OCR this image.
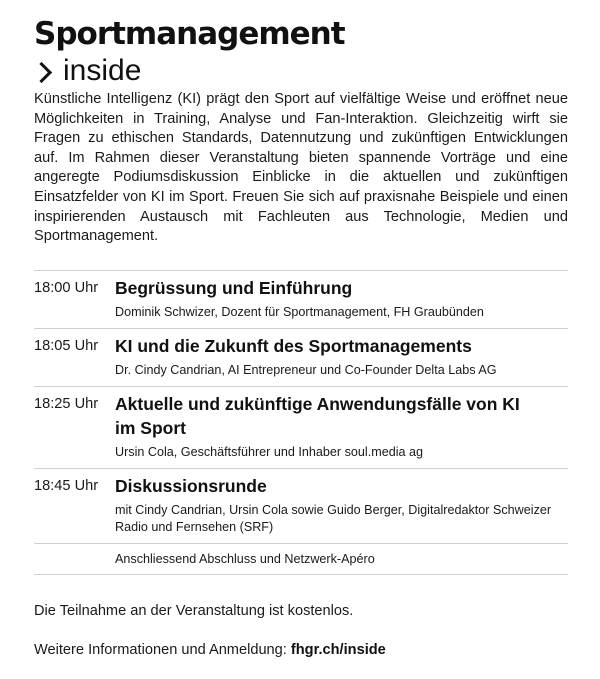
Sportmanagement
inside

Künstliche Intelligenz (KI) prägt den Sport auf vielfältige Weise und eröffnet neue Möglichkeiten in Training, Analyse und Fan-Interaktion. Gleichzeitig wirft sie Fragen zu ethischen Standards, Datennutzung und zukünftigen Entwicklungen auf. Im Rahmen dieser Veranstaltung bieten spannende Vorträge und eine angeregte Podiumsdiskussion Einblicke in die aktuellen und zukünftigen Einsatzfelder von KI im Sport. Freuen Sie sich auf praxisnahe Beispiele und einen inspirierenden Austausch mit Fachleuten aus Technologie, Medien und Sportmanagement.

18:00 Uhr Begrüssung und Einführung
Dominik Schwizer, Dozent für Sportmanagement, FH Graubünden
18:05 Uhr KI und die Zukunft des Sportmanagements
Dr. Cindy Candrian, AI Entrepreneur und Co-Founder Delta Labs AG
18:25 Uhr Aktuelle und zukünftige Anwendungsfälle von KI im Sport
Ursin Cola, Geschäftsführer und Inhaber soul.media ag
18:45 Uhr Diskussionsrunde
mit Cindy Candrian, Ursin Cola sowie Guido Berger, Digitalredaktor Schweizer Radio und Fernsehen (SRF)
Anschliessend Abschluss und Netzwerk-Apéro

Die Teilnahme an der Veranstaltung ist kostenlos.

Weitere Informationen und Anmeldung: fhgr.ch/inside
